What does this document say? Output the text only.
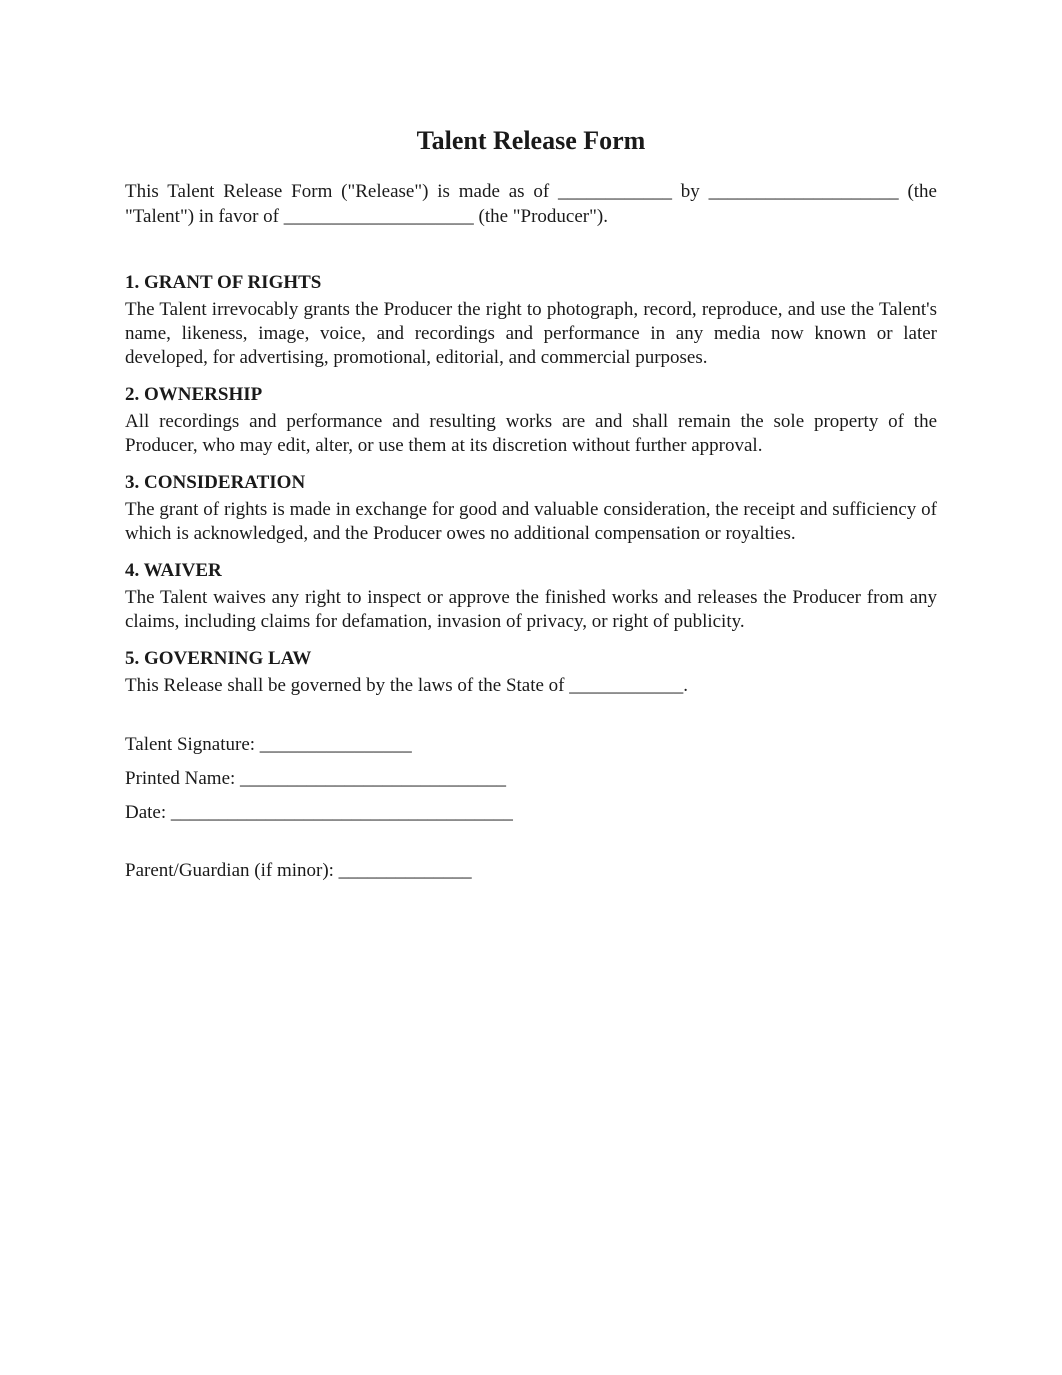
Talent Release Form

This Talent Release Form ("Release") is made as of ____________ by ____________________ (the "Talent") in favor of ____________________ (the "Producer").

1. GRANT OF RIGHTS

The Talent irrevocably grants the Producer the right to photograph, record, reproduce, and use the Talent's name, likeness, image, voice, and recordings and performance in any media now known or later developed, for advertising, promotional, editorial, and commercial purposes.

2. OWNERSHIP

All recordings and performance and resulting works are and shall remain the sole property of the Producer, who may edit, alter, or use them at its discretion without further approval.

3. CONSIDERATION

The grant of rights is made in exchange for good and valuable consideration, the receipt and sufficiency of which is acknowledged, and the Producer owes no additional compensation or royalties.

4. WAIVER

The Talent waives any right to inspect or approve the finished works and releases the Producer from any claims, including claims for defamation, invasion of privacy, or right of publicity.

5. GOVERNING LAW

This Release shall be governed by the laws of the State of ____________.

Talent Signature: ________________
Printed Name: ____________________________
Date: ____________________________________
Parent/Guardian (if minor): ______________
